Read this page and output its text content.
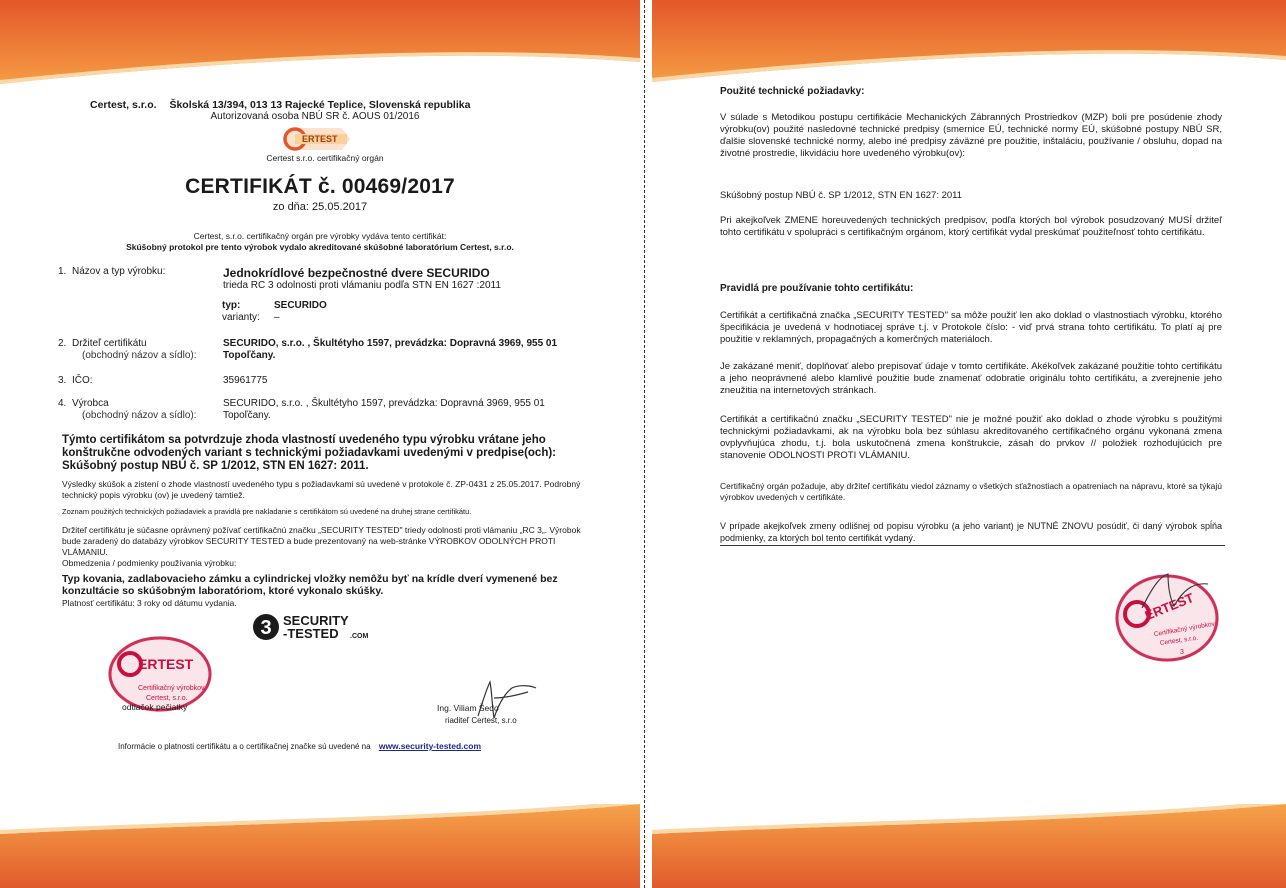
Certest, s.r.o. Školská 13/394, 013 13 Rajecké Teplice, Slovenská republika
Autorizovaná osoba NBÚ SR č. AOUS 01/2016
ERTEST
Certest s.r.o. certifikačný orgán
CERTIFIKÁT č. 00469/2017
zo dňa: 25.05.2017
Certest, s.r.o. certifikačný orgán pre výrobky vydáva tento certifikát:
Skúšobný protokol pre tento výrobok vydalo akreditované skúšobné laboratórium Certest, s.r.o.
1. Názov a typ výrobku:	Jednokrídlové bezpečnostné dvere SECURIDO
trieda RC 3 odolnosti proti vlámaniu podľa STN EN 1627 :2011
typ:	SECURIDO
varianty: –
2. Držiteľ certifikátu
(obchodný názov a sídlo):
SECURIDO, s.r.o. , Škultétyho 1597, prevádzka: Dopravná 3969, 955 01 Topoľčany.
3. IČO:	35961775
4. Výrobca
(obchodný názov a sídlo):
SECURIDO, s.r.o. , Škultétyho 1597, prevádzka: Dopravná 3969, 955 01 Topoľčany.
Týmto certifikátom sa potvrdzuje zhoda vlastností uvedeného typu výrobku vrátane jeho konštrukčne odvodených variant s technickými požiadavkami uvedenými v predpise(och): Skúšobný postup NBÚ č. SP 1/2012, STN EN 1627: 2011.
Výsledky skúšok a zistení o zhode vlastností uvedeného typu s požiadavkami sú uvedené v protokole č. ZP-0431 z 25.05.2017. Podrobný technický popis výrobku (ov) je uvedený tamtiež.
Zoznam použitých technických požiadaviek a pravidlá pre nakladanie s certifikátom sú uvedené na druhej strane certifikátu.
Držiteľ certifikátu je súčasne oprávnený požívať certifikačnú značku „SECURITY TESTED" triedy odolnosti proti vlámaniu „RC 3„. Výrobok bude zaradený do databázy výrobkov SECURITY TESTED a bude prezentovaný na web-stránke VÝROBKOV ODOLNÝCH PROTI VLÁMANIU.
Obmedzenia / podmienky používania výrobku:
Typ kovania, zadlabovacieho zámku a cylindrickej vložky nemôžu byť na krídle dverí vymenené bez konzultácie so skúšobným laboratóriom, ktoré vykonalo skúšky.
Platnosť certifikátu: 3 roky od dátumu vydania.
3 SECURITY
-TESTED .COM
ERTEST
Certifikačný výrobkov
Certest, s.r.o.
odtlačok pečiatky	Ing. Viliam Šedo
riaditeľ Certest, s.r.o
Informácie o platnosti certifikátu a o certifikačnej značke sú uvedené na www.security-tested.com
Použité technické požiadavky:
V súlade s Metodikou postupu certifikácie Mechanických Zábranných Prostriedkov (MZP) boli pre posúdenie zhody výrobku(ov) použité nasledovné technické predpisy (smernice EÚ, technické normy EÚ, skúšobné postupy NBÚ SR, ďalšie slovenské technické normy, alebo iné predpisy záväzné pre použitie, inštaláciu, používanie / obsluhu, dopad na životné prostredie, likvidáciu hore uvedeného výrobku(ov):
Skúšobný postup NBÚ č. SP 1/2012, STN EN 1627: 2011
Pri akejkoľvek ZMENE horeuvedených technických predpisov, podľa ktorých bol výrobok posudzovaný MUSÍ držiteľ tohto certifikátu v spolupráci s certifikačným orgánom, ktorý certifikát vydal preskúmať použiteľnosť tohto certifikátu.
Pravidlá pre používanie tohto certifikátu:
Certifikát a certifikačná značka „SECURITY TESTED" sa môže použiť len ako doklad o vlastnostiach výrobku, ktorého špecifikácia je uvedená v hodnotiacej správe t.j. v Protokole číslo: - viď prvá strana tohto certifikátu. To platí aj pre použitie v reklamných, propagačných a komerčných materiáloch.
Je zakázané meniť, doplňovať alebo prepisovať údaje v tomto certifikáte. Akékoľvek zakázané použitie tohto certifikátu a jeho neoprávnené alebo klamlivé použitie bude znamenať odobratie originálu tohto certifikátu, a zverejnenie jeho zneužitia na internetových stránkach.
Certifikát a certifikačnú značku „SECURITY TESTED" nie je možné použiť ako doklad o zhode výrobku s použitými technickými požiadavkami, ak na výrobku bola bez súhlasu akreditovaného certifikačného orgánu vykonaná zmena ovplyvňujúca zhodu, t.j. bola uskutočnená zmena konštrukcie, zásah do prvkov // položiek rozhodujúcich pre stanovenie ODOLNOSTI PROTI VLÁMANIU.
Certifikačný orgán požaduje, aby držiteľ certifikátu viedol záznamy o všetkých sťažnostiach a opatreniach na nápravu, ktoré sa týkajú výrobkov uvedených v certifikáte.
V prípade akejkoľvek zmeny odlišnej od popisu výrobku (a jeho variant) je NUTNÉ ZNOVU posúdiť, či daný výrobok spĺňa podmienky, za ktorých bol tento certifikát vydaný.
ERTEST
Certifikačný výrobkov
Certest, s.r.o.
3
